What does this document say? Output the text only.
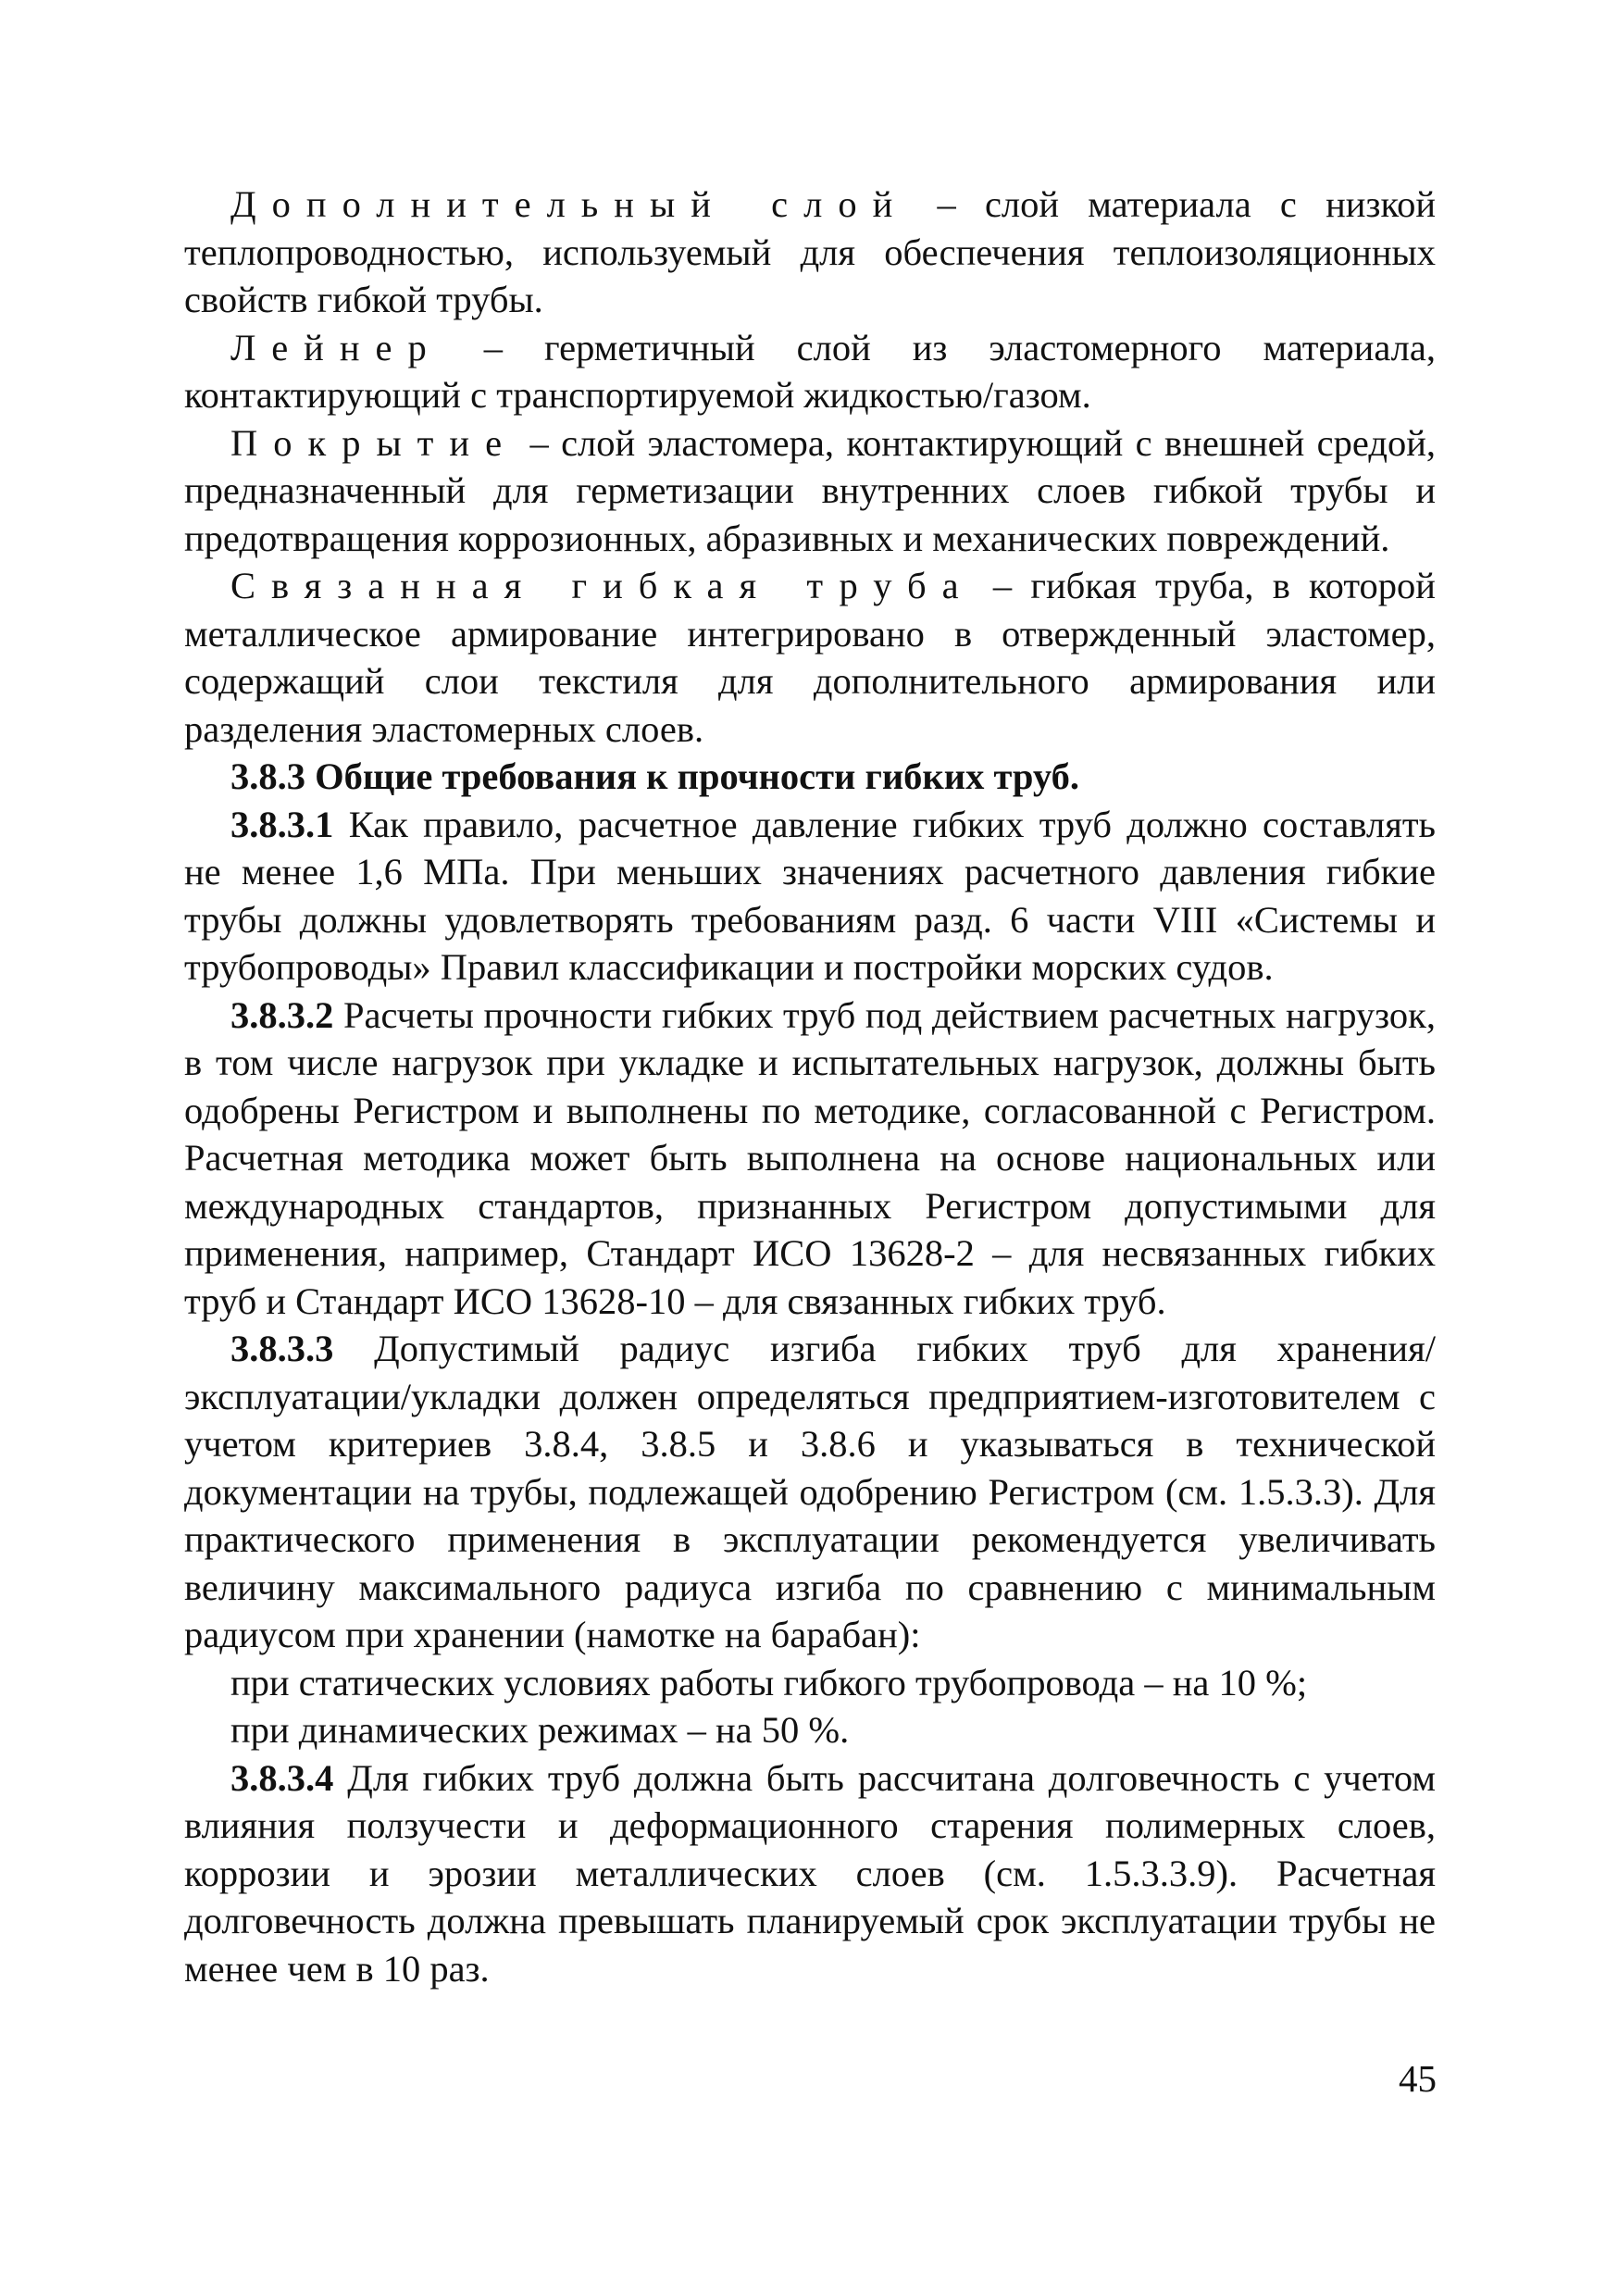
Дополнительный слой – слой материала с низкой теплопроводностью, используемый для обеспечения теплоизоляционных свойств гибкой трубы.

Лейнер – герметичный слой из эластомерного материала, контактирующий с транспортируемой жидкостью/газом.

Покрытие – слой эластомера, контактирующий с внешней средой, предназначенный для герметизации внутренних слоев гибкой трубы и предотвращения коррозионных, абразивных и механических повреждений.

Связанная гибкая труба – гибкая труба, в которой металлическое армирование интегрировано в отвержденный эластомер, содержащий слои текстиля для дополнительного армирования или разделения эластомерных слоев.

3.8.3 Общие требования к прочности гибких труб.

3.8.3.1 Как правило, расчетное давление гибких труб должно составлять не менее 1,6 МПа. При меньших значениях расчетного давления гибкие трубы должны удовлетворять требованиям разд. 6 части VIII «Системы и трубопроводы» Правил классификации и постройки морских судов.

3.8.3.2 Расчеты прочности гибких труб под действием расчетных нагрузок, в том числе нагрузок при укладке и испытательных нагрузок, должны быть одобрены Регистром и выполнены по методике, согласованной с Регистром. Расчетная методика может быть выполнена на основе национальных или международных стандартов, признанных Регистром допустимыми для применения, например, Стандарт ИСО 13628-2 – для несвязанных гибких труб и Стандарт ИСО 13628-10 – для связанных гибких труб.

3.8.3.3 Допустимый радиус изгиба гибких труб для хранения/эксплуатации/укладки должен определяться предприятием-изготовителем с учетом критериев 3.8.4, 3.8.5 и 3.8.6 и указываться в технической документации на трубы, подлежащей одобрению Регистром (см. 1.5.3.3). Для практического применения в эксплуатации рекомендуется увеличивать величину максимального радиуса изгиба по сравнению с минимальным радиусом при хранении (намотке на барабан):

при статических условиях работы гибкого трубопровода – на 10 %;

при динамических режимах – на 50 %.

3.8.3.4 Для гибких труб должна быть рассчитана долговечность с учетом влияния ползучести и деформационного старения полимерных слоев, коррозии и эрозии металлических слоев (см. 1.5.3.3.9). Расчетная долговечность должна превышать планируемый срок эксплуатации трубы не менее чем в 10 раз.

45
